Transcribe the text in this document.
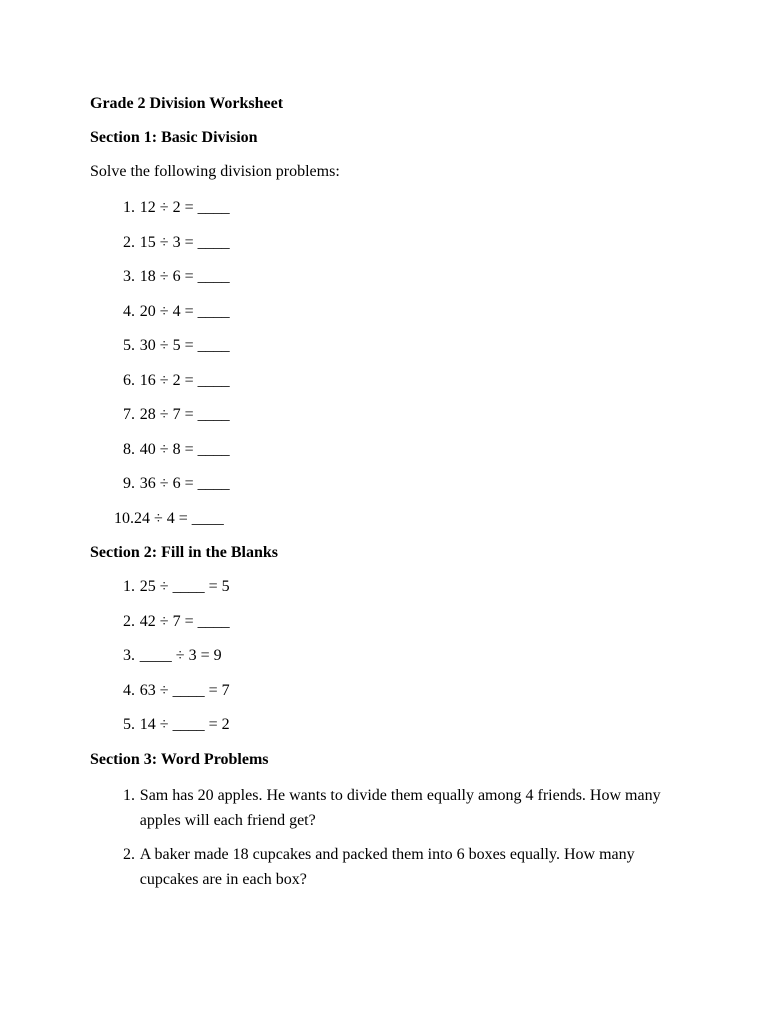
Grade 2 Division Worksheet

Section 1: Basic Division

Solve the following division problems:

1. 12 ÷ 2 = ____
2. 15 ÷ 3 = ____
3. 18 ÷ 6 = ____
4. 20 ÷ 4 = ____
5. 30 ÷ 5 = ____
6. 16 ÷ 2 = ____
7. 28 ÷ 7 = ____
8. 40 ÷ 8 = ____
9. 36 ÷ 6 = ____
10.24 ÷ 4 = ____

Section 2: Fill in the Blanks

1. 25 ÷ ____ = 5
2. 42 ÷ 7 = ____
3. ____ ÷ 3 = 9
4. 63 ÷ ____ = 7
5. 14 ÷ ____ = 2

Section 3: Word Problems

1. Sam has 20 apples. He wants to divide them equally among 4 friends. How many apples will each friend get?
2. A baker made 18 cupcakes and packed them into 6 boxes equally. How many cupcakes are in each box?
